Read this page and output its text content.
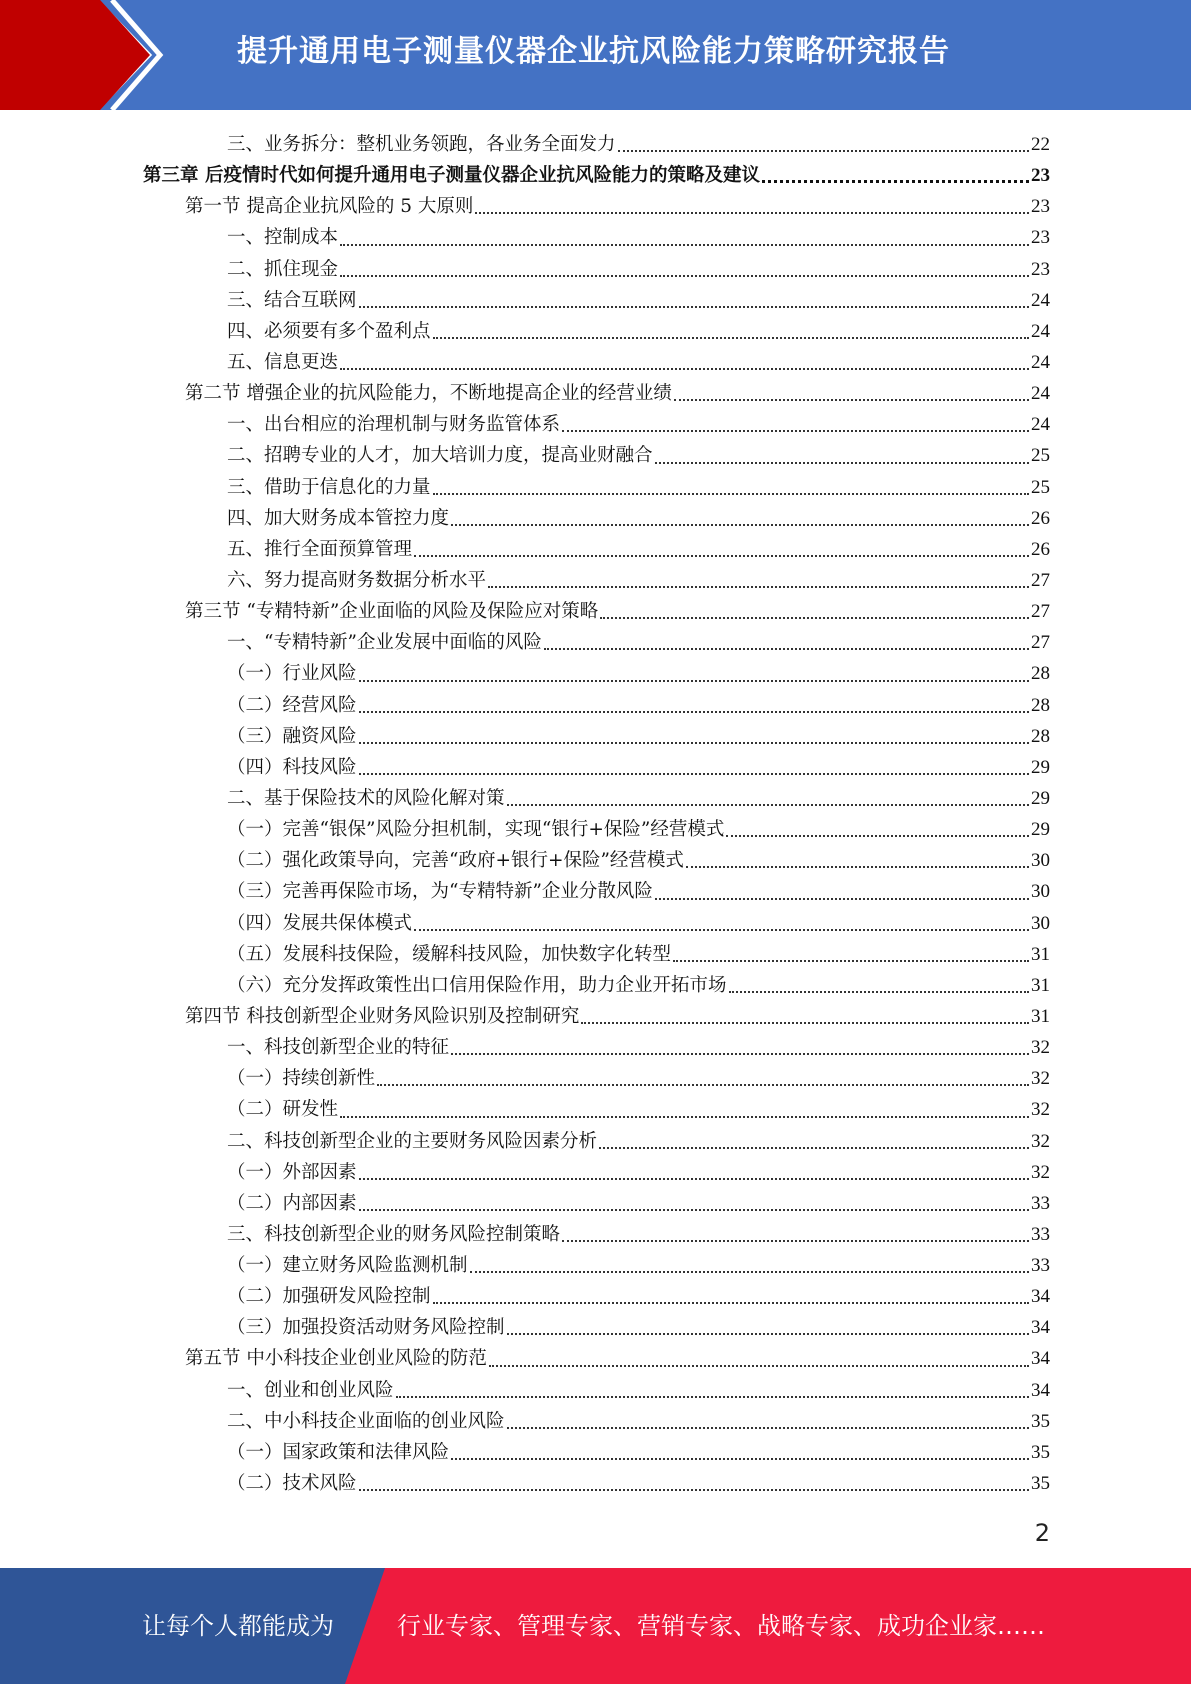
提升通用电子测量仪器企业抗风险能力策略研究报告
三、业务拆分：整机业务领跑，各业务全面发力	22
第三章 后疫情时代如何提升通用电子测量仪器企业抗风险能力的策略及建议	23
第一节 提高企业抗风险的 5 大原则	23
一、控制成本	23
二、抓住现金	23
三、结合互联网	24
四、必须要有多个盈利点	24
五、信息更迭	24
第二节 增强企业的抗风险能力，不断地提高企业的经营业绩	24
一、出台相应的治理机制与财务监管体系	24
二、招聘专业的人才，加大培训力度，提高业财融合	25
三、借助于信息化的力量	25
四、加大财务成本管控力度	26
五、推行全面预算管理	26
六、努力提高财务数据分析水平	27
第三节 “专精特新”企业面临的风险及保险应对策略	27
一、“专精特新”企业发展中面临的风险	27
（一）行业风险	28
（二）经营风险	28
（三）融资风险	28
（四）科技风险	29
二、基于保险技术的风险化解对策	29
（一）完善“银保”风险分担机制，实现“银行+保险”经营模式	29
（二）强化政策导向，完善“政府+银行+保险”经营模式	30
（三）完善再保险市场，为“专精特新”企业分散风险	30
（四）发展共保体模式	30
（五）发展科技保险，缓解科技风险，加快数字化转型	31
（六）充分发挥政策性出口信用保险作用，助力企业开拓市场	31
第四节 科技创新型企业财务风险识别及控制研究	31
一、科技创新型企业的特征	32
（一）持续创新性	32
（二）研发性	32
二、科技创新型企业的主要财务风险因素分析	32
（一）外部因素	32
（二）内部因素	33
三、科技创新型企业的财务风险控制策略	33
（一）建立财务风险监测机制	33
（二）加强研发风险控制	34
（三）加强投资活动财务风险控制	34
第五节 中小科技企业创业风险的防范	34
一、创业和创业风险	34
二、中小科技企业面临的创业风险	35
（一）国家政策和法律风险	35
（二）技术风险	35
2
让每个人都能成为	行业专家、管理专家、营销专家、战略专家、成功企业家……
